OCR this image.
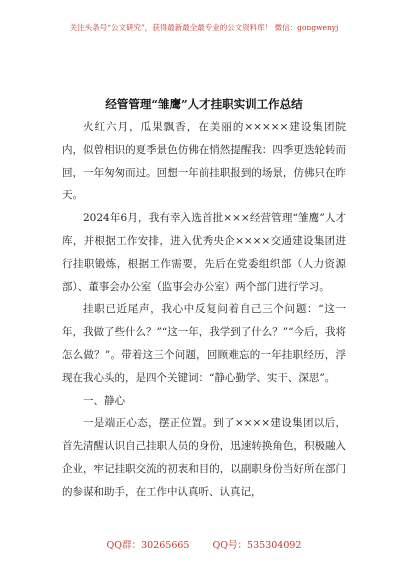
关注头条号“公文研究”，获得最新最全最专业的公文资料库！ 微信：gongwenyj
经管管理“雏鹰”人才挂职实训工作总结

火红六月，瓜果飘香，在美丽的×××××建设集团院内，似曾相识的夏季景色仿佛在悄然提醒我：四季更迭轮转而回，一年匆匆而过。回想一年前挂职报到的场景，仿佛只在昨天。

2024年6月，我有幸入选首批×××经营管理“雏鹰”人才库，并根据工作安排，进入优秀央企××××交通建设集团进行挂职锻炼，根据工作需要，先后在党委组织部（人力资源部）、董事会办公室（监事会办公室）两个部门进行学习。

挂职已近尾声，我心中反复问着自己三个问题：“这一年，我做了些什么？”“这一年，我学到了什么？”“今后，我将怎么做？”。带着这三个问题，回顾难忘的一年挂职经历，浮现在我心头的，是四个关键词：“静心勤学、实干、深思”。

一、静心

一是端正心态，摆正位置。到了××××建设集团以后，首先清醒认识自己挂职人员的身份，迅速转换角色，积极融入企业，牢记挂职交流的初衷和目的，以副职身份当好所在部门的参谋和助手，在工作中认真听、认真记，

QQ群：30265665 QQ号：535304092
